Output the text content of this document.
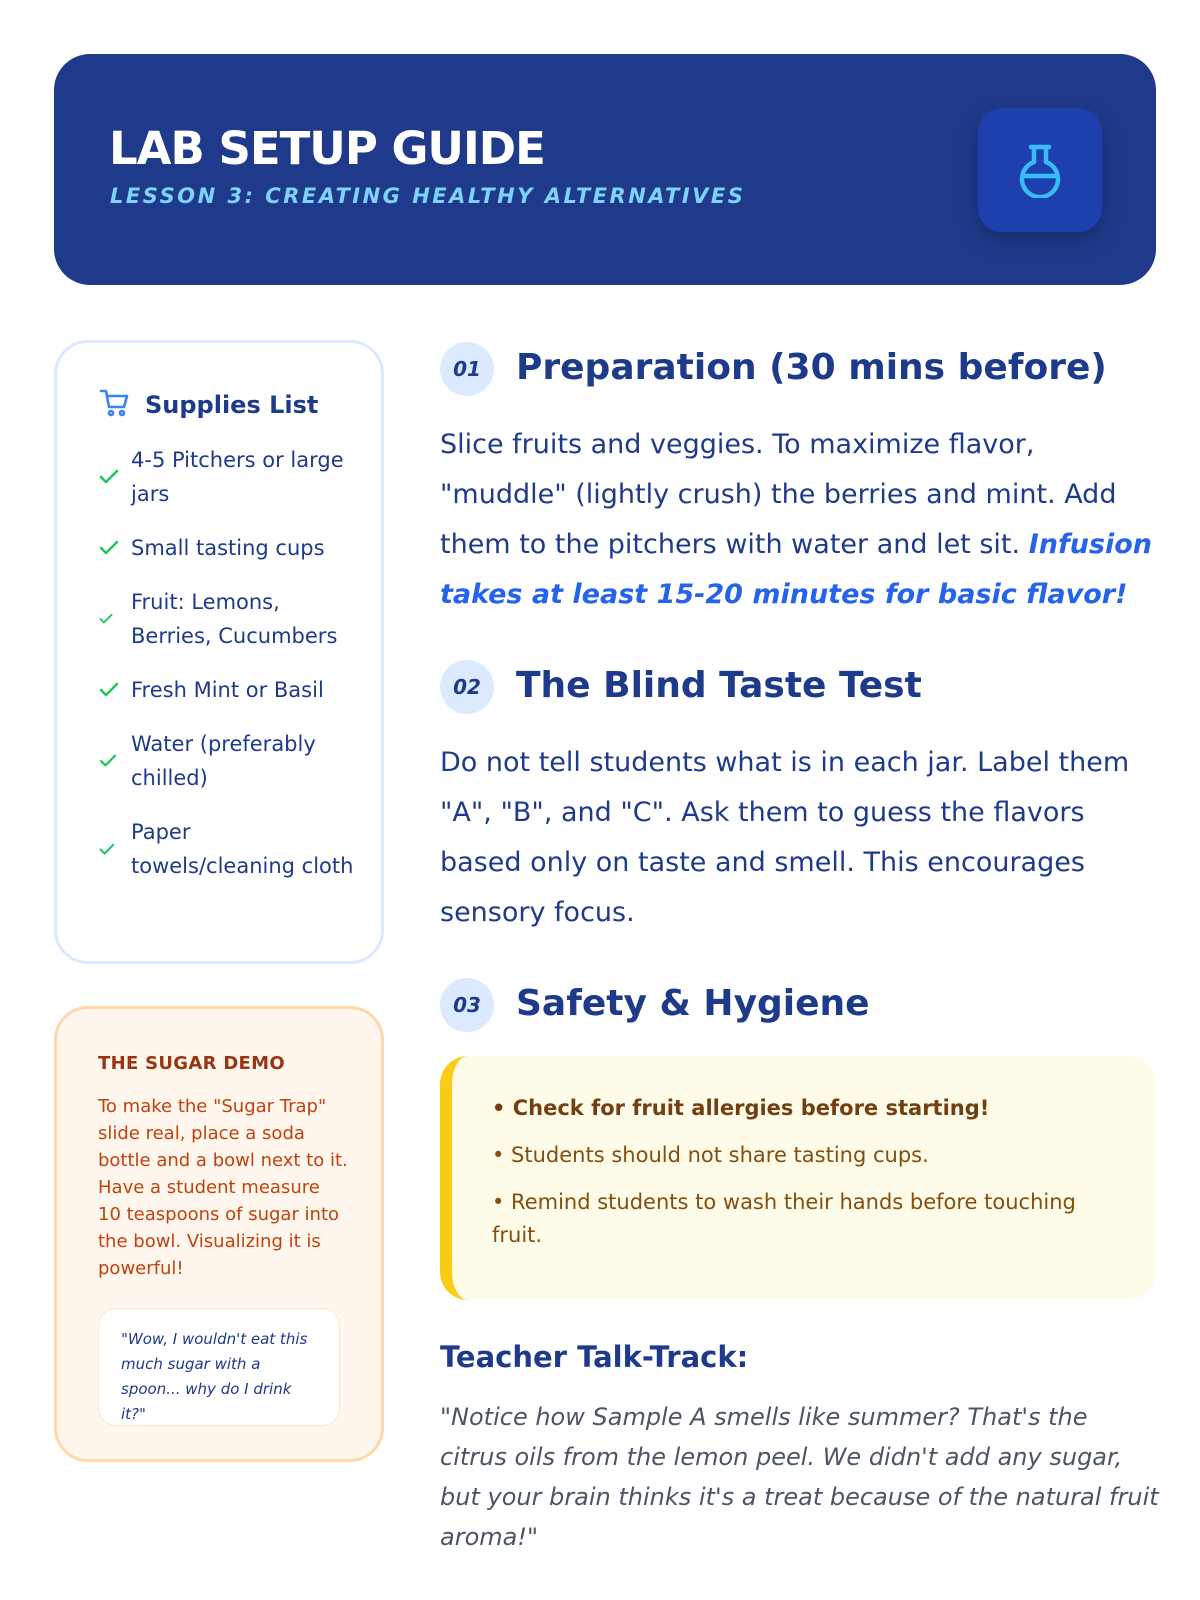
LAB SETUP GUIDE

LESSON 3: CREATING HEALTHY ALTERNATIVES

Supplies List
4-5 Pitchers or large jars
Small tasting cups
Fruit: Lemons, Berries, Cucumbers
Fresh Mint or Basil
Water (preferably chilled)
Paper towels/cleaning cloth

THE SUGAR DEMO

To make the "Sugar Trap" slide real, place a soda bottle and a bowl next to it. Have a student measure 10 teaspoons of sugar into the bowl. Visualizing it is powerful!

"Wow, I wouldn't eat this much sugar with a spoon... why do I drink it?"
01 Preparation (30 mins before)

Slice fruits and veggies. To maximize flavor, "muddle" (lightly crush) the berries and mint. Add them to the pitchers with water and let sit. Infusion takes at least 15-20 minutes for basic flavor!

02 The Blind Taste Test

Do not tell students what is in each jar. Label them "A", "B", and "C". Ask them to guess the flavors based only on taste and smell. This encourages sensory focus.

03 Safety & Hygiene

• Check for fruit allergies before starting!

• Students should not share tasting cups.

• Remind students to wash their hands before touching fruit.

Teacher Talk-Track:

"Notice how Sample A smells like summer? That's the citrus oils from the lemon peel. We didn't add any sugar, but your brain thinks it's a treat because of the natural fruit aroma!"
